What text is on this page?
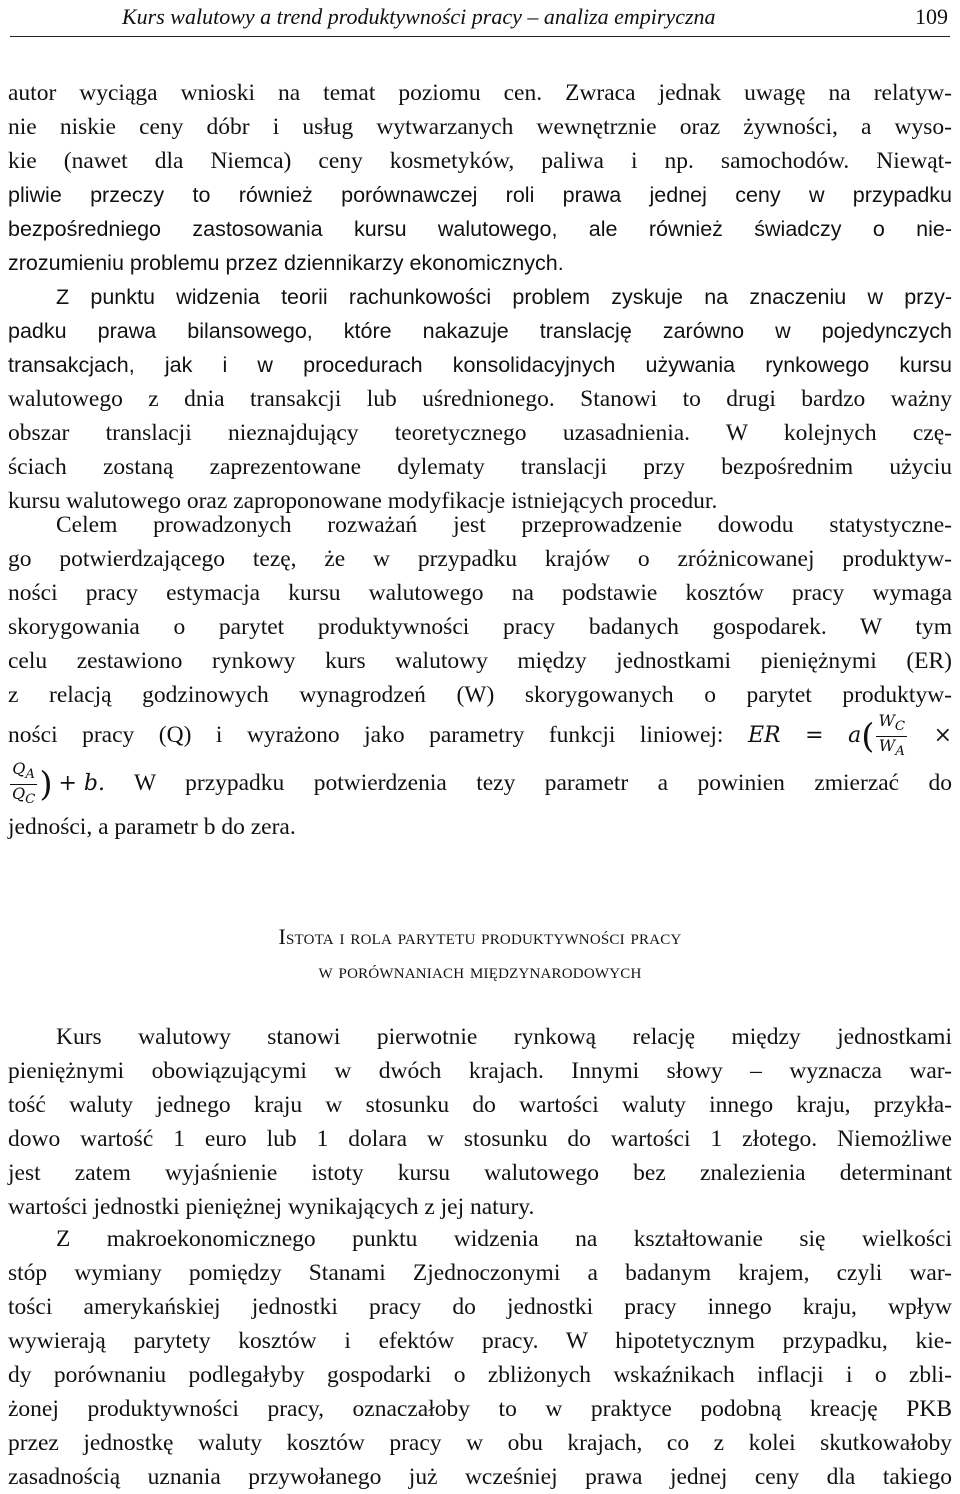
Kurs walutowy a trend produktywności pracy – analiza empiryczna	109
autor wyciąga wnioski na temat poziomu cen. Zwraca jednak uwagę na relatyw-
nie niskie ceny dóbr i usług wytwarzanych wewnętrznie oraz żywności, a wyso-
kie (nawet dla Niemca) ceny kosmetyków, paliwa i np. samochodów. Niewąt-
pliwie przeczy to również porównawczej roli prawa jednej ceny w przypadku
bezpośredniego zastosowania kursu walutowego, ale również świadczy o nie-
zrozumieniu problemu przez dziennikarzy ekonomicznych.
Z punktu widzenia teorii rachunkowości problem zyskuje na znaczeniu w przy-
padku prawa bilansowego, które nakazuje translację zarówno w pojedynczych
transakcjach, jak i w procedurach konsolidacyjnych używania rynkowego kursu
walutowego z dnia transakcji lub uśrednionego. Stanowi to drugi bardzo ważny
obszar translacji nieznajdujący teoretycznego uzasadnienia. W kolejnych czę-
ściach zostaną zaprezentowane dylematy translacji przy bezpośrednim użyciu
kursu walutowego oraz zaproponowane modyfikacje istniejących procedur.
Celem prowadzonych rozważań jest przeprowadzenie dowodu statystyczne-
go potwierdzającego tezę, że w przypadku krajów o zróżnicowanej produktyw-
ności pracy estymacja kursu walutowego na podstawie kosztów pracy wymaga
skorygowania o parytet produktywności pracy badanych gospodarek. W tym
celu zestawiono rynkowy kurs walutowy między jednostkami pieniężnymi (ER)
z relacją godzinowych wynagrodzeń (W) skorygowanych o parytet produktyw-
ności pracy (Q) i wyrażono jako parametry funkcji liniowej: ER = $a( \frac{W_C}{W_A}$ ×
$\frac{Q_A}{Q_C}$ ) + b. W przypadku potwierdzenia tezy parametr a powinien zmierzać do
jedności, a parametr b do zera.
Istota i rola parytetu produktywności pracy
w porównaniach międzynarodowych
Kurs walutowy stanowi pierwotnie rynkową relację między jednostkami
pieniężnymi obowiązującymi w dwóch krajach. Innymi słowy – wyznacza war-
tość waluty jednego kraju w stosunku do wartości waluty innego kraju, przykła-
dowo wartość 1 euro lub 1 dolara w stosunku do wartości 1 złotego. Niemożliwe
jest zatem wyjaśnienie istoty kursu walutowego bez znalezienia determinant
wartości jednostki pieniężnej wynikających z jej natury.
Z makroekonomicznego punktu widzenia na kształtowanie się wielkości
stóp wymiany pomiędzy Stanami Zjednoczonymi a badanym krajem, czyli war-
tości amerykańskiej jednostki pracy do jednostki pracy innego kraju, wpływ
wywierają parytety kosztów i efektów pracy. W hipotetycznym przypadku, kie-
dy porównaniu podlegałyby gospodarki o zbliżonych wskaźnikach inflacji i o zbli-
żonej produktywności pracy, oznaczałoby to w praktyce podobną kreację PKB
przez jednostkę waluty kosztów pracy w obu krajach, co z kolei skutkowałoby
zasadnością uznania przywołanego już wcześniej prawa jednej ceny dla takiego
